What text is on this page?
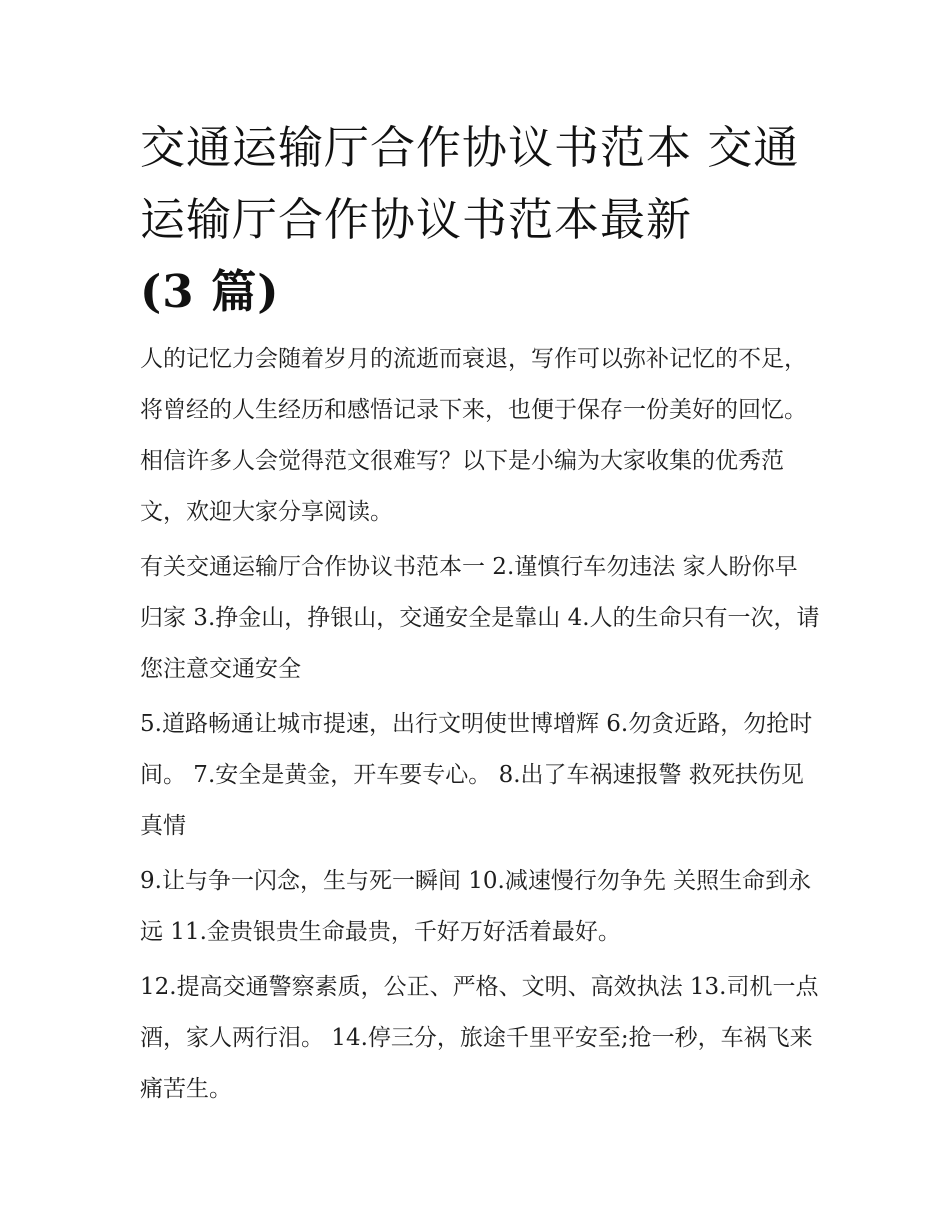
交通运输厅合作协议书范本 交通运输厅合作协议书范本最新
(3 篇)

人的记忆力会随着岁月的流逝而衰退，写作可以弥补记忆的不足，将曾经的人生经历和感悟记录下来，也便于保存一份美好的回忆。相信许多人会觉得范文很难写？以下是小编为大家收集的优秀范文，欢迎大家分享阅读。

有关交通运输厅合作协议书范本一 2.谨慎行车勿违法 家人盼你早归家 3.挣金山，挣银山，交通安全是靠山 4.人的生命只有一次，请您注意交通安全

5.道路畅通让城市提速，出行文明使世博增辉 6.勿贪近路，勿抢时间。 7.安全是黄金，开车要专心。 8.出了车祸速报警 救死扶伤见真情

9.让与争一闪念，生与死一瞬间 10.减速慢行勿争先 关照生命到永远 11.金贵银贵生命最贵，千好万好活着最好。

12.提高交通警察素质，公正、严格、文明、高效执法 13.司机一点酒，家人两行泪。 14.停三分，旅途千里平安至;抢一秒，车祸飞来痛苦生。
